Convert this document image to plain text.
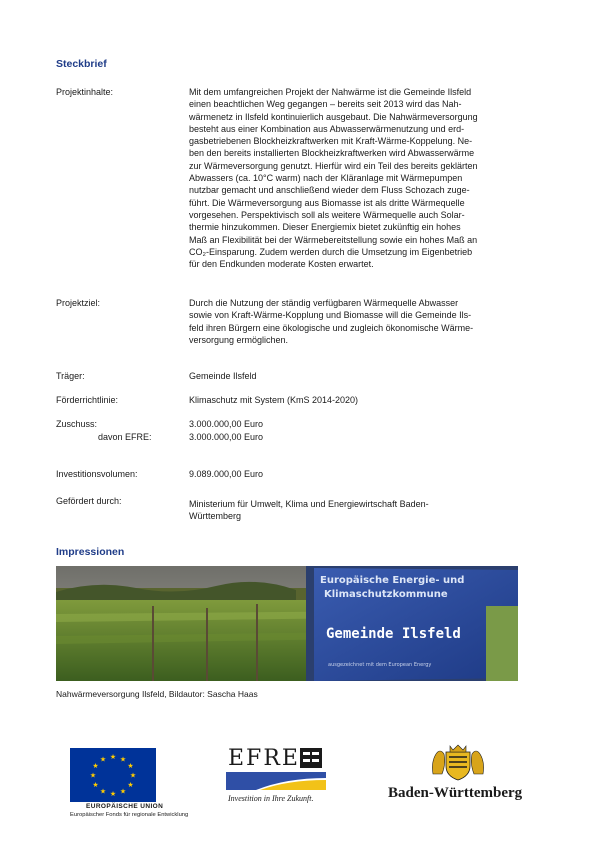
Steckbrief
Projektinhalte:	Mit dem umfangreichen Projekt der Nahwärme ist die Gemeinde Ilsfeld
einen beachtlichen Weg gegangen – bereits seit 2013 wird das Nah-
wärmenetz in Ilsfeld kontinuierlich ausgebaut. Die Nahwärmeversorgung
besteht aus einer Kombination aus Abwasserwärmenutzung und erd-
gasbetriebenen Blockheizkraftwerken mit Kraft-Wärme-Koppelung. Ne-
ben den bereits installierten Blockheizkraftwerken wird Abwasserwärme
zur Wärmeversorgung genutzt. Hierfür wird ein Teil des bereits geklärten
Abwassers (ca. 10°C warm) nach der Kläranlage mit Wärmepumpen
nutzbar gemacht und anschließend wieder dem Fluss Schozach zuge-
führt. Die Wärmeversorgung aus Biomasse ist als dritte Wärmequelle
vorgesehen. Perspektivisch soll als weitere Wärmequelle auch Solar-
thermie hinzukommen. Dieser Energiemix bietet zukünftig ein hohes
Maß an Flexibilität bei der Wärmebereitstellung sowie ein hohes Maß an
CO₂-Einsparung. Zudem werden durch die Umsetzung im Eigenbetrieb
für den Endkunden moderate Kosten erwartet.
Projektziel:	Durch die Nutzung der ständig verfügbaren Wärmequelle Abwasser
sowie von Kraft-Wärme-Kopplung und Biomasse will die Gemeinde Ils-
feld ihren Bürgern eine ökologische und zugleich ökonomische Wärme-
versorgung ermöglichen.
Träger:	Gemeinde Ilsfeld
Förderrichtlinie:	Klimaschutz mit System (KmS 2014-2020)
Zuschuss:	3.000.000,00 Euro
davon EFRE:	3.000.000,00 Euro
Investitionsvolumen:	9.089.000,00 Euro
Gefördert durch:	Ministerium für Umwelt, Klima und Energiewirtschaft Baden-
Württemberg
Impressionen
Europäische Energie- und
Klimaschutzkommune
Gemeinde Ilsfeld
ausgezeichnet mit dem European Energy
Nahwärmeversorgung Ilsfeld, Bildautor: Sascha Haas
★ ★
★
★
★
★
★
★
★
★
★
★
EUROPÄISCHE UNION
Europäischer Fonds für regionale Entwicklung
EFRE
Investition in Ihre Zukunft.	Baden-Württemberg
